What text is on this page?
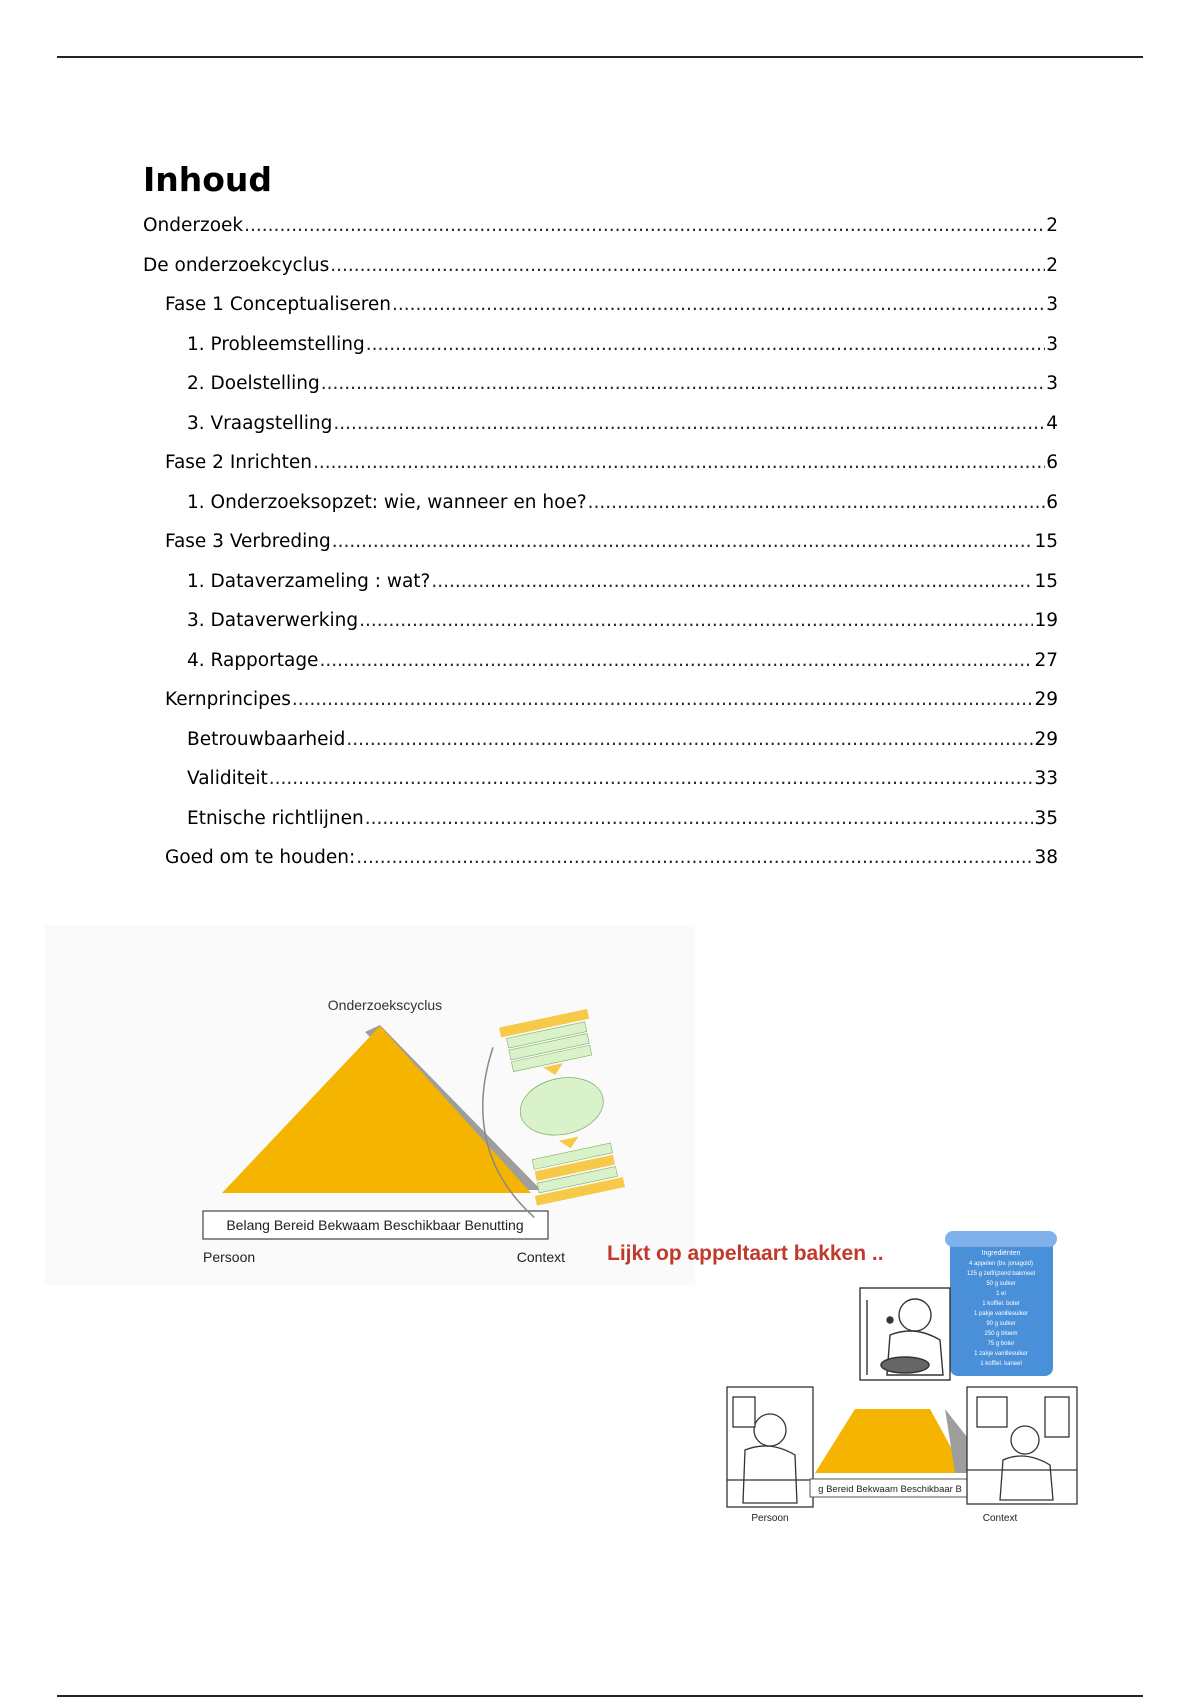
Inhoud
Onderzoek .....	2
De onderzoekcyclus .....	2
Fase 1 Conceptualiseren .....	3
1. Probleemstelling .....	3
2. Doelstelling .....	3
3. Vraagstelling .....	4
Fase 2 Inrichten .....	6
1. Onderzoeksopzet: wie, wanneer en hoe? .....	6
Fase 3 Verbreding .....	15
1. Dataverzameling : wat? .....	15
3. Dataverwerking .....	19
4. Rapportage .....	27
Kernprincipes .....	29
Betrouwbaarheid .....	29
Validiteit .....	33
Etnische richtlijnen .....	35
Goed om te houden: .....	38
Onderzoekscyclus
Belang Bereid Bekwaam Beschikbaar Benutting
Persoon	Context Lijkt op appeltaart bakken ..	Ingrediënten
4 appelen (bv. jonagold)
125 g zelfrijzend bakmeel
50 g suiker
1 ei
1 koffiel. boter
1 pakje vanillesuiker
90 g suiker
250 g bloem
75 g boter
1 zakje vanillesuiker
1 koffiel. kaneel
Persoon
g Bereid Bekwaam Beschikbaar B
Context
